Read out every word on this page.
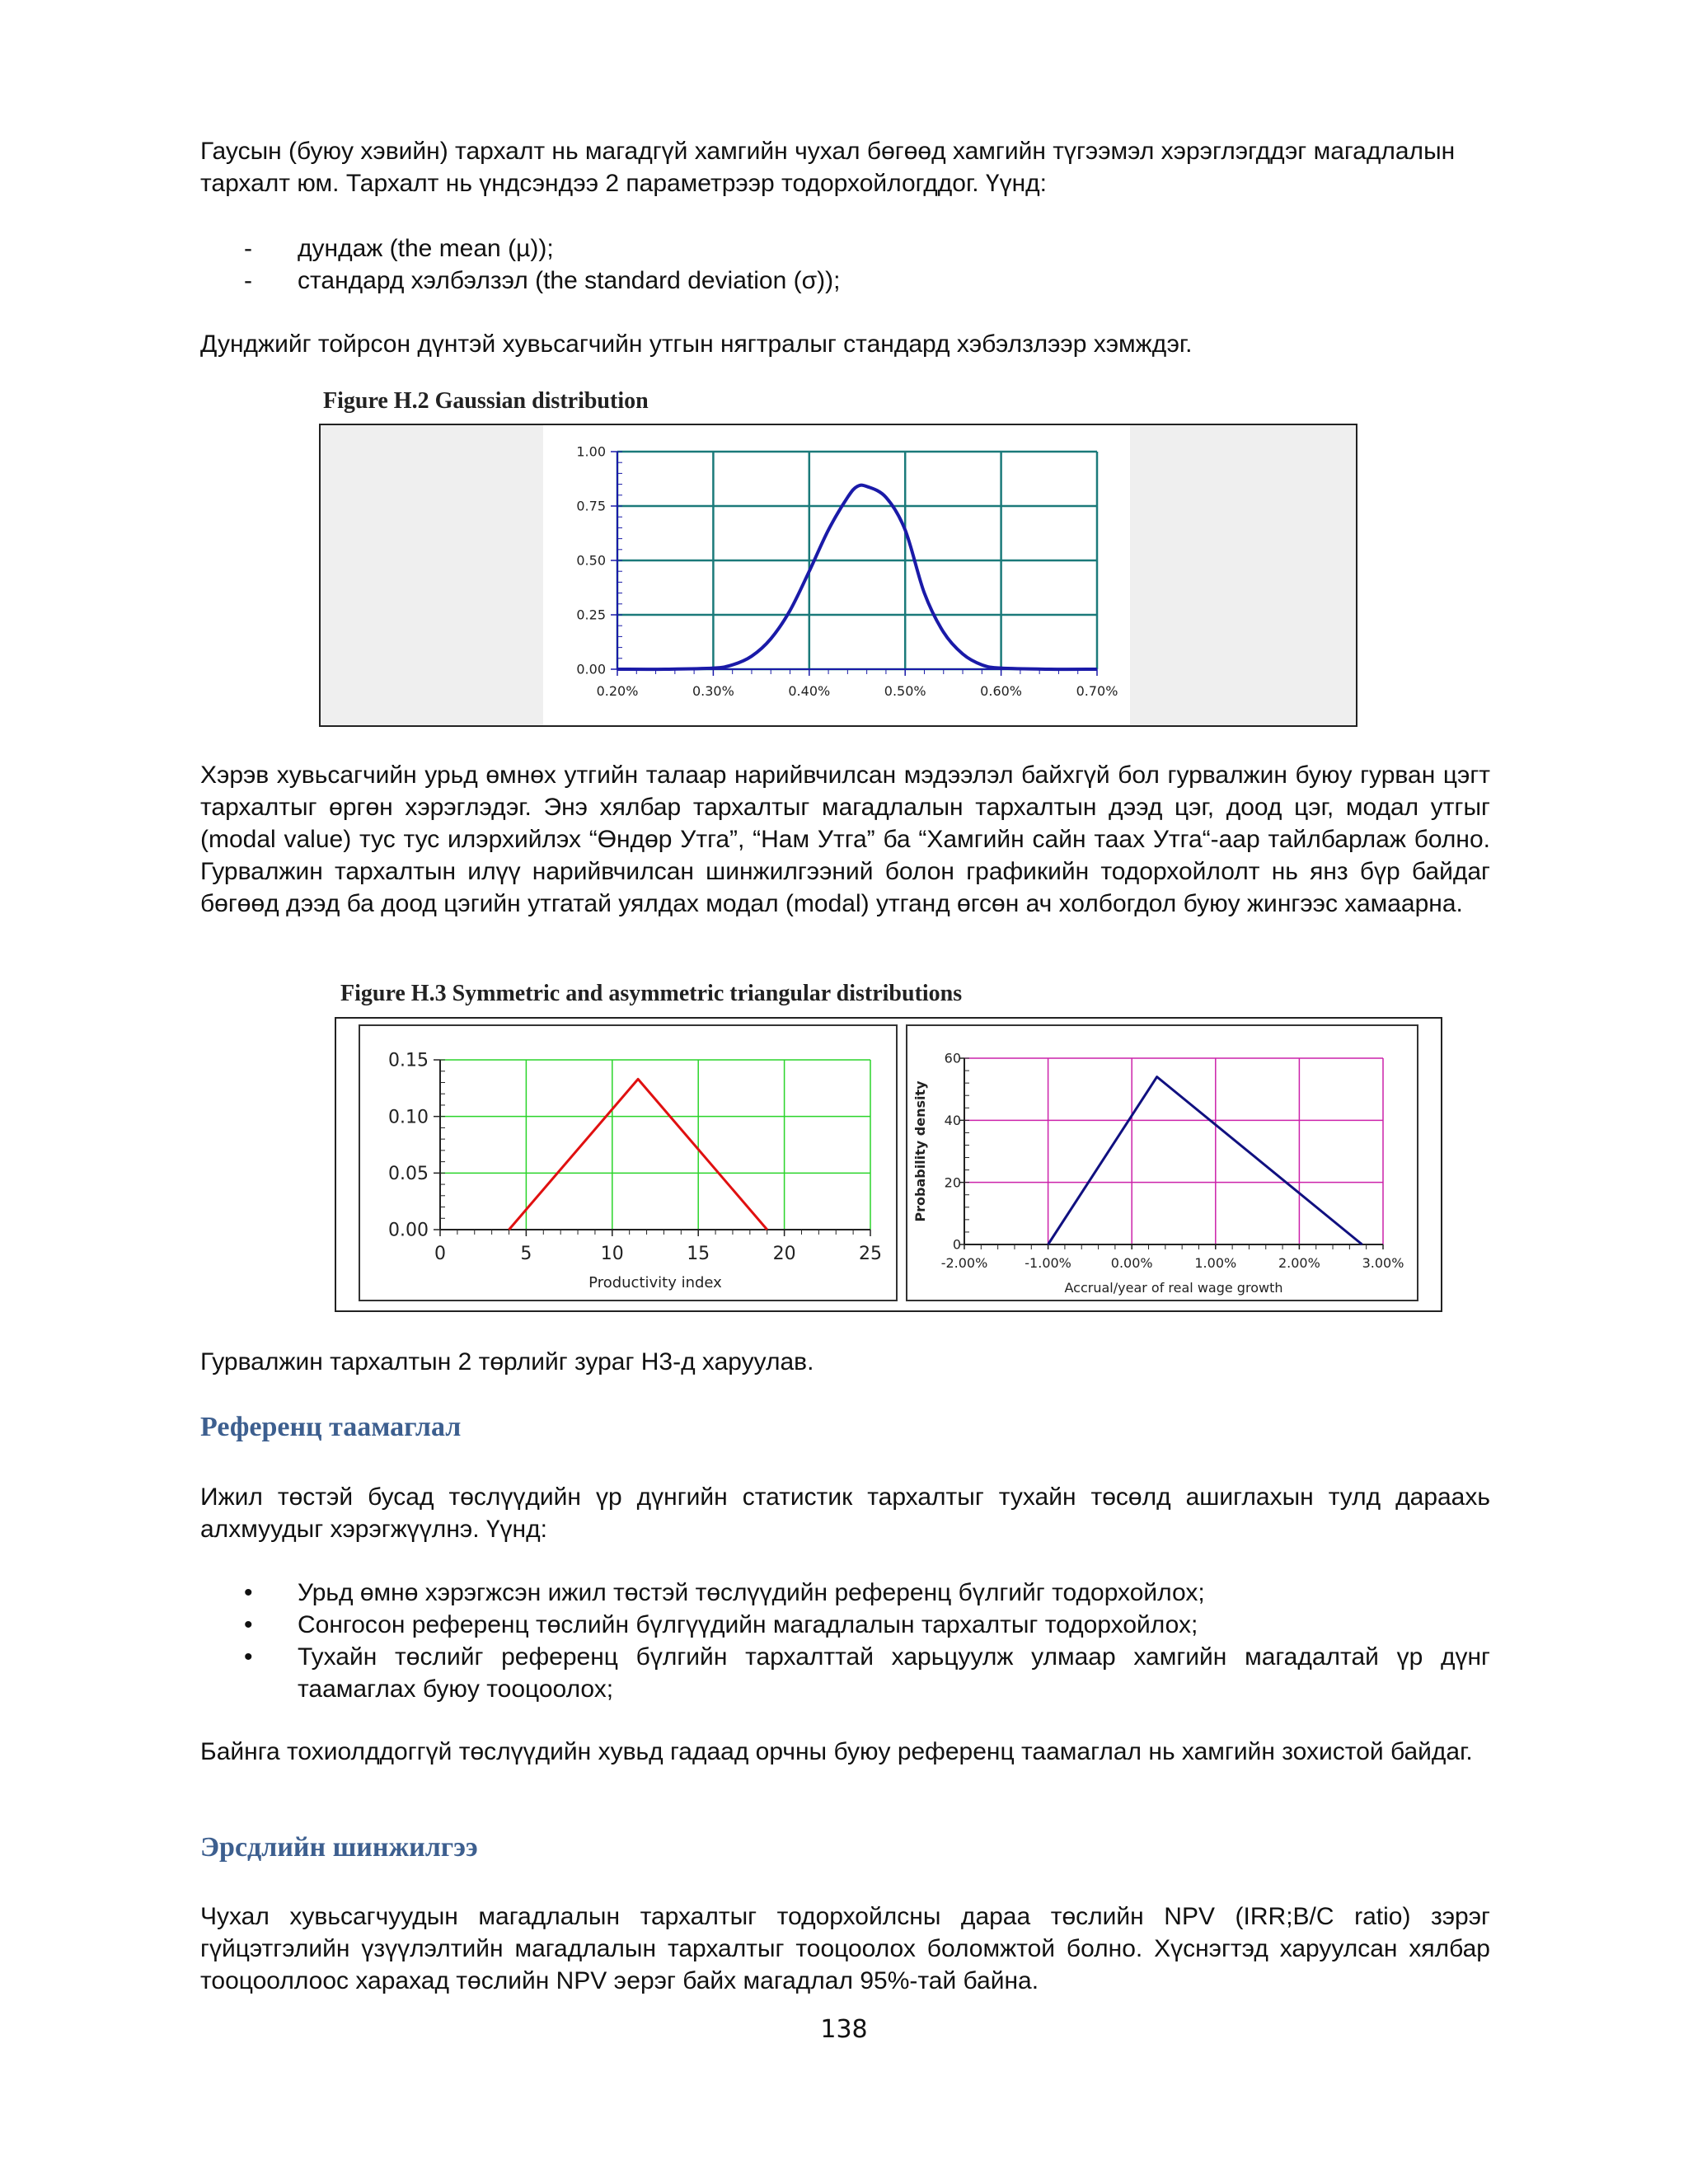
Гаусын (буюу хэвийн) тархалт нь магадгүй хамгийн чухал бөгөөд хамгийн түгээмэл хэрэглэгддэг магадлалын тархалт юм. Тархалт нь үндсэндээ 2 параметрээр тодорхойлогддог. Үүнд:

- дундаж (the mean (µ));
- стандард хэлбэлзэл (the standard deviation (σ));

Дунджийг тойрсон дүнтэй хувьсагчийн утгын нягтралыг стандард хэбэлзлээр хэмждэг.

Figure H.2 Gaussian distribution
0.20%	0.30%	0.40%	0.50%	0.60%	0.70%
0.00
0.25
0.50
0.75
1.00

Хэрэв хувьсагчийн урьд өмнөх утгийн талаар нарийвчилсан мэдээлэл байхгүй бол гурвалжин буюу гурван цэгт тархалтыг өргөн хэрэглэдэг. Энэ хялбар тархалтыг магадлалын тархалтын дээд цэг, доод цэг, модал утгыг (modal value) тус тус илэрхийлэх “Өндөр Утга”, “Нам Утга” ба “Хамгийн сайн таах Утга“-аар тайлбарлаж болно. Гурвалжин тархалтын илүү нарийвчилсан шинжилгээний болон графикийн тодорхойлолт нь янз бүр байдаг бөгөөд дээд ба доод цэгийн утгатай уялдах модал (modal) утганд өгсөн ач холбогдол буюу жингээс хамаарна.

Figure H.3 Symmetric and asymmetric triangular distributions
0	5	10	15	20	25
0.00
0.05
0.10
0.15
Productivity index
-2.00%	-1.00%	0.00%	1.00%	2.00%	3.00%
0
20
40
60
Accrual/year of real wage growth
Probability density

Гурвалжин тархалтын 2 төрлийг зураг H3-д харуулав.

Референц таамаглал

Ижил төстэй бусад төслүүдийн үр дүнгийн статистик тархалтыг тухайн төсөлд ашиглахын тулд дараахь алхмуудыг хэрэгжүүлнэ. Үүнд:

• Урьд өмнө хэрэгжсэн ижил төстэй төслүүдийн референц бүлгийг тодорхойлох;
• Сонгосон референц төслийн бүлгүүдийн магадлалын тархалтыг тодорхойлох;
• Тухайн төслийг референц бүлгийн тархалттай харьцуулж улмаар хамгийн магадалтай үр дүнг таамаглах буюу тооцоолох;

Байнга тохиолддоггүй төслүүдийн хувьд гадаад орчны буюу референц таамаглал нь хамгийн зохистой байдаг.

Эрсдлийн шинжилгээ

Чухал хувьсагчуудын магадлалын тархалтыг тодорхойлсны дараа төслийн NPV (IRR;B/C ratio) зэрэг гүйцэтгэлийн үзүүлэлтийн магадлалын тархалтыг тооцоолох боломжтой болно. Хүснэгтэд харуулсан хялбар тооцооллоос харахад төслийн NPV эерэг байх магадлал 95%-тай байна.

138
